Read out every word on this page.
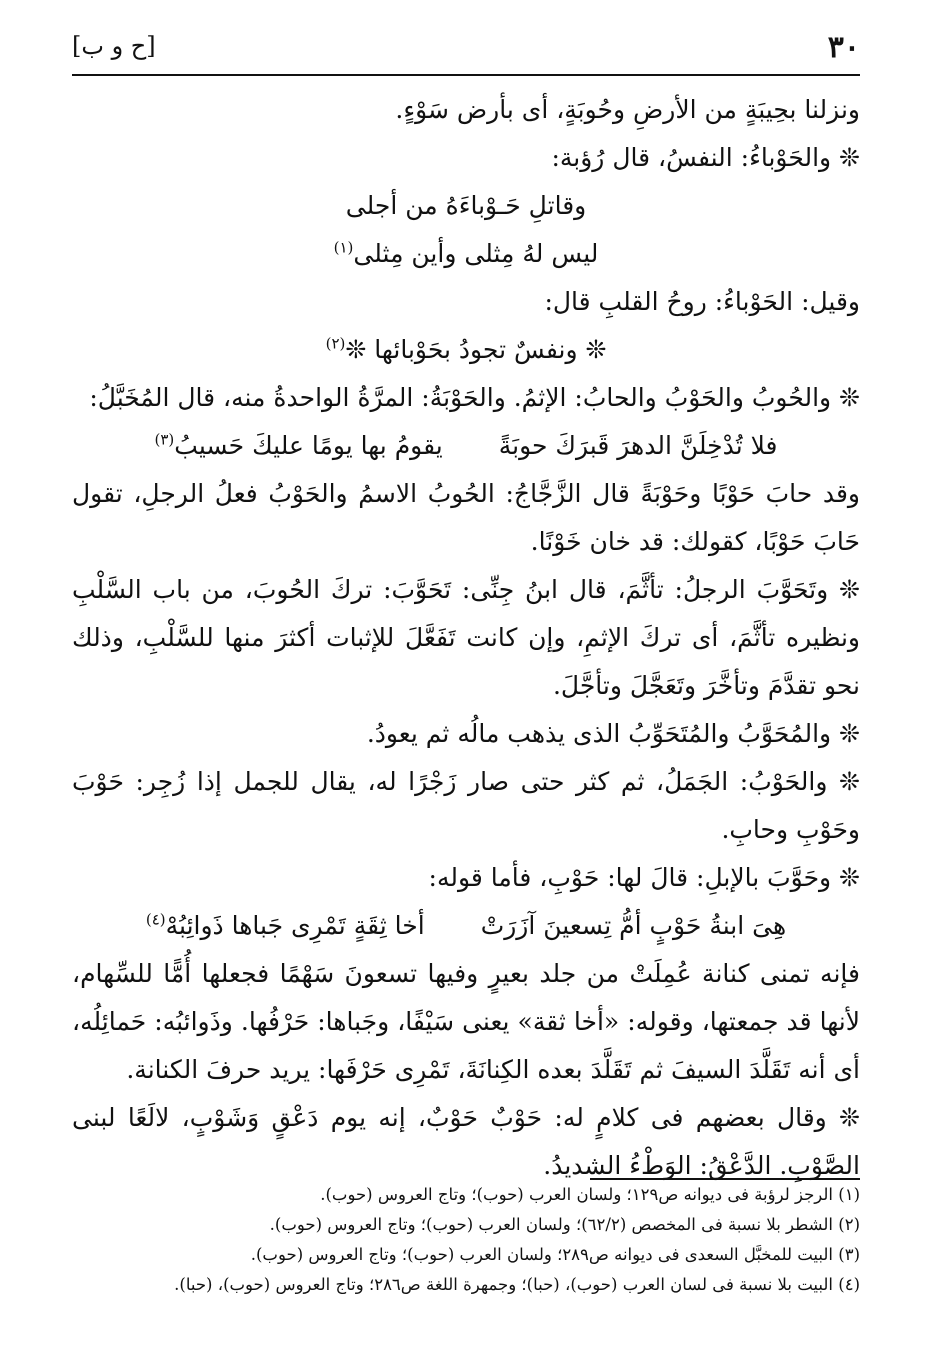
٣٠
[ح و ب]

ونزلنا بحِيبَةٍ من الأرضِ وحُوبَةٍ، أى بأرض سَوْءٍ.

❊ والحَوْباءُ: النفسُ، قال رُؤبة:

وقاتلِ حَـوْباءَهُ من أجلى

ليس لهُ مِثلى وأين مِثلى$^{(١)}$

وقيل: الحَوْباءُ: روحُ القلبِ قال:

❊ ونفسٌ تجودُ بحَوْبائها ❊$^{(٢)}$

❊ والحُوبُ والحَوْبُ والحابُ: الإثمُ. والحَوْبَةُ: المرَّةُ الواحدةُ منه، قال المُخَبَّلُ:

فلا تُدْخِلَنَّ الدهرَ قَبرَكَ حوبَةً
يقومُ بها يومًا عليكَ حَسيبُ$^{(٣)}$

وقد حابَ حَوْبًا وحَوْبَةً قال الزَّجَّاجُ: الحُوبُ الاسمُ والحَوْبُ فعلُ الرجلِ، تقول حَابَ حَوْبًا، كقولك: قد خان خَوْنًا.

❊ وتَحَوَّبَ الرجلُ: تأثَّمَ، قال ابنُ جِنِّى: تَحَوَّبَ: تركَ الحُوبَ، من باب السَّلْبِ ونظيره تأثَّمَ، أى تركَ الإثمِ، وإن كانت تَفَعَّلَ للإثبات أكثرَ منها للسَّلْبِ، وذلك نحو تقدَّمَ وتأخَّرَ وتَعَجَّلَ وتأجَّلَ.

❊ والمُحَوَّبُ والمُتَحَوِّبُ الذى يذهب مالُه ثم يعودُ.

❊ والحَوْبُ: الجَمَلُ، ثم كثر حتى صار زَجْرًا له، يقال للجمل إذا زُجِر: حَوْبَ وحَوْبِ وحابِ.

❊ وحَوَّبَ بالإبلِ: قالَ لها: حَوْبِ، فأما قوله:

هِىَ ابنةُ حَوْبٍ أمُّ تِسعينَ آزَرَتْ
أخا ثِقَةٍ تَمْرِى جَباها ذَوائِبُهْ$^{(٤)}$

فإنه تمنى كنانة عُمِلَتْ من جلد بعيرٍ وفيها تسعونَ سَهْمًا فجعلها أُمًّا للسِّهام، لأنها قد جمعتها، وقوله: «أخا ثقة» يعنى سَيْفًا، وجَباها: حَرْفُها. وذَوائبُه: حَمائِلُه، أى أنه تَقَلَّدَ السيفَ ثم تَقَلَّدَ بعده الكِنانَةَ، تَمْرِى حَرْفَها: يريد حرفَ الكنانة.

❊ وقال بعضهم فى كلامٍ له: حَوْبٌ حَوْبٌ، إنه يوم دَعْقٍ وَشَوْبٍ، لالَعًا لبنى الصَّوْبِ. الدَّعْقُ: الوَطْءُ الشديدُ.

(١) الرجز لرؤبة فى ديوانه ص١٢٩؛ ولسان العرب (حوب)؛ وتاج العروس (حوب).

(٢) الشطر بلا نسبة فى المخصص (٦٢/٢)؛ ولسان العرب (حوب)؛ وتاج العروس (حوب).

(٣) البيت للمخبَّل السعدى فى ديوانه ص٢٨٩؛ ولسان العرب (حوب)؛ وتاج العروس (حوب).

(٤) البيت بلا نسبة فى لسان العرب (حوب)، (حبا)؛ وجمهرة اللغة ص٢٨٦؛ وتاج العروس (حوب)، (حبا).
